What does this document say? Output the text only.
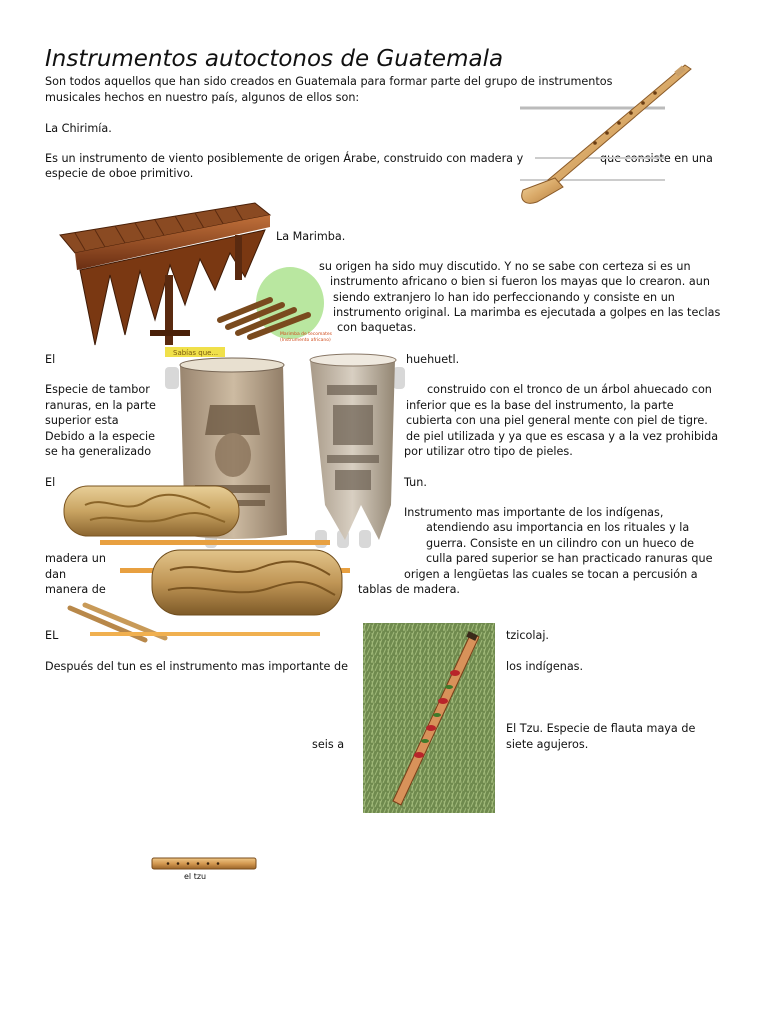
Instrumentos autoctonos de Guatemala
Son todos aquellos que han sido creados en Guatemala para formar parte del grupo de instrumentos
musicales hechos en nuestro país, algunos de ellos son:
La Chirimía.
Es un instrumento de viento posiblemente de origen Árabe, construido con madera y	que consiste en una
especie de oboe primitivo.
Marimba de tecomates
(Instrumento africano)
La Marimba.
su origen ha sido muy discutido. Y no se sabe con certeza si es un
instrumento africano o bien si fueron los mayas que lo crearon. aun
siendo extranjero lo han ido perfeccionando y consiste en un
instrumento original. La marimba es ejecutada a golpes en las teclas
con baquetas.
Sabías que...
El	huehuetl.
Especie de tambor	construido con el tronco de un árbol ahuecado con
ranuras, en la parte	inferior que es la base del instrumento, la parte
superior esta	cubierta con una piel general mente con piel de tigre.
Debido a la especie	de piel utilizada y ya que es escasa y a la vez prohibida
se ha generalizado	por utilizar otro tipo de pieles.
El	Tun.
Instrumento mas importante de los indígenas,
atendiendo asu importancia en los rituales y la
guerra. Consiste en un cilindro con un hueco de
madera un	culla pared superior se han practicado ranuras que
dan	origen a lengüetas las cuales se tocan a percusión a
manera de	tablas de madera.
EL	tzicolaj.
Después del tun es el instrumento mas importante de	los indígenas.
El Tzu. Especie de flauta maya de
seis a	siete agujeros.
el tzu
